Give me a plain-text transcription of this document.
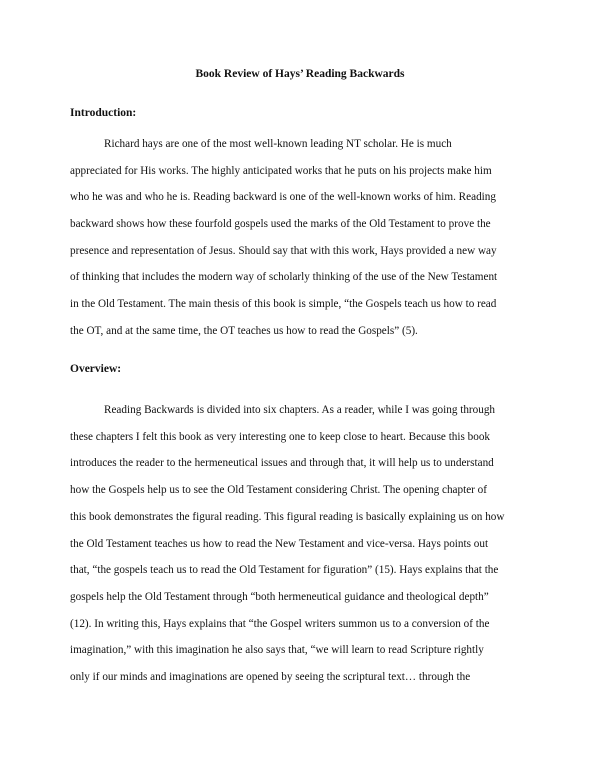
Book Review of Hays’ Reading Backwards
Introduction:
Richard hays are one of the most well-known leading NT scholar. He is much
appreciated for His works. The highly anticipated works that he puts on his projects make him
who he was and who he is. Reading backward is one of the well-known works of him. Reading
backward shows how these fourfold gospels used the marks of the Old Testament to prove the
presence and representation of Jesus. Should say that with this work, Hays provided a new way
of thinking that includes the modern way of scholarly thinking of the use of the New Testament
in the Old Testament. The main thesis of this book is simple, “the Gospels teach us how to read
the OT, and at the same time, the OT teaches us how to read the Gospels” (5).
Overview:
Reading Backwards is divided into six chapters. As a reader, while I was going through
these chapters I felt this book as very interesting one to keep close to heart. Because this book
introduces the reader to the hermeneutical issues and through that, it will help us to understand
how the Gospels help us to see the Old Testament considering Christ. The opening chapter of
this book demonstrates the figural reading. This figural reading is basically explaining us on how
the Old Testament teaches us how to read the New Testament and vice-versa. Hays points out
that, “the gospels teach us to read the Old Testament for figuration” (15). Hays explains that the
gospels help the Old Testament through “both hermeneutical guidance and theological depth”
(12). In writing this, Hays explains that “the Gospel writers summon us to a conversion of the
imagination,” with this imagination he also says that, “we will learn to read Scripture rightly
only if our minds and imaginations are opened by seeing the scriptural text… through the
